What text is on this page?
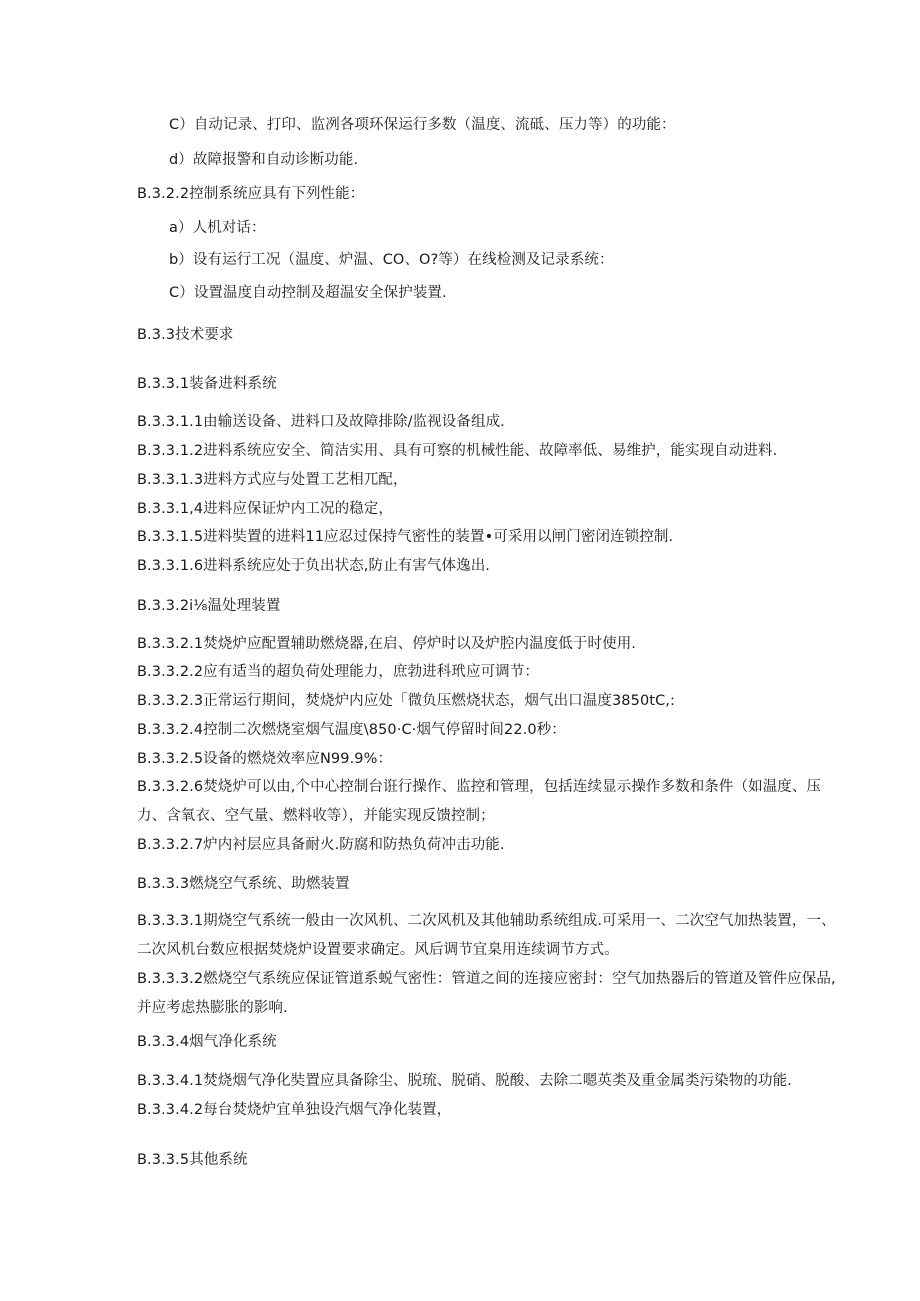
C）自动记录、打印、监冽各项环保运行多数（温度、流砥、压力等）的功能：
d）故障报警和自动诊断功能.
B.3.2.2控制系统应具有下列性能：
a）人机对话：
b）设有运行工况（温度、炉温、CO、O?等）在线检测及记录系统：
C）设置温度自动控制及超温安全保护装置.
B.3.3技术要求
B.3.3.1装备进料系统
B.3.3.1.1由输送设备、进料口及故障排除/监视设备组成.
B.3.3.1.2进料系统应安全、简洁实用、具有可察的机械性能、故障率低、易维护，能实现自动进料.
B.3.3.1.3进料方式应与处置工艺相兀配，
B.3.3.1,4进料应保证炉内工况的稳定，
B.3.3.1.5进料奘置的进料11应忍过保持气密性的装置•可采用以闸门密闭连锁控制.
B.3.3.1.6进料系统应处于负出状态,防止有害气体逸出.
B.3.3.2i⅛温处理装置
B.3.3.2.1焚烧炉应配置辅助燃烧器,在启、停炉时以及炉腔内温度低于时使用.
B.3.3.2.2应有适当的超负荷处理能力，庶勃进科玳应可调节：
B.3.3.2.3正常运行期间，焚烧炉内应处「微负压燃烧状态，烟气出口温度3850tC,:
B.3.3.2.4控制二次燃烧室烟气温度\850·C·烟气停留时间22.0秒：
B.3.3.2.5设备的燃烧效率应N99.9%：
B.3.3.2.6焚烧炉可以由,个中心控制台诳行操作、监控和管理，包括连续显示操作多数和条件（如温度、压力、含氧衣、空气量、燃料收等），并能实现反馈控制；
B.3.3.2.7炉内衬层应具备耐火.防腐和防热负荷冲击功能.
B.3.3.3燃烧空气系统、助燃装置
B.3.3.3.1期烧空气系统一般由一次风机、二次风机及其他辅助系统组成.可采用一、二次空气加热装置，一、二次风机台数应根据焚烧炉设置要求确定。风后调节宜臬用连续调节方式。
B.3.3.3.2燃烧空气系统应保证管道系蜕气密性：管道之间的连接应密封：空气加热器后的管道及管件应保品,并应考虑热膨胀的影响.
B.3.3.4烟气净化系统
B.3.3.4.1焚烧烟气净化奘置应具备除尘、脱琉、脱硝、脱酸、去除二嗯英类及重金属类污染物的功能.
B.3.3.4.2每台焚烧炉宜单独设汽烟气净化装置，
B.3.3.5其他系统
